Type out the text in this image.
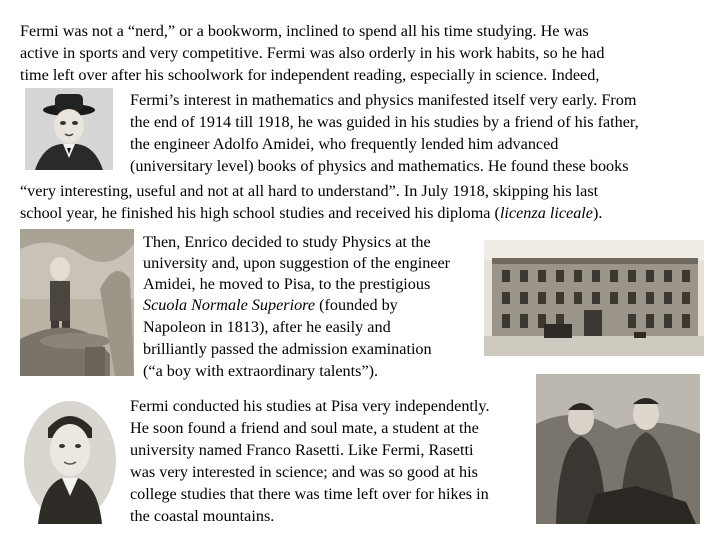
Fermi was not a “nerd,” or a bookworm, inclined to spend all his time studying. He was
active in sports and very competitive. Fermi was also orderly in his work habits, so he had
time left over after his schoolwork for independent reading, especially in science. Indeed,
Fermi’s interest in mathematics and physics manifested itself very early. From
the end of 1914 till 1918, he was guided in his studies by a friend of his father,
the engineer Adolfo Amidei, who frequently lended him advanced
(universitary level) books of physics and mathematics. He found these books
“very interesting, useful and not at all hard to understand”. In July 1918, skipping his last
school year, he finished his high school studies and received his diploma (licenza liceale).
Then, Enrico decided to study Physics at the
university and, upon suggestion of the engineer
Amidei, he moved to Pisa, to the prestigious
Scuola Normale Superiore (founded by
Napoleon in 1813), after he easily and
brilliantly passed the admission examination
(“a boy with extraordinary talents”).
Fermi conducted his studies at Pisa very independently.
He soon found a friend and soul mate, a student at the
university named Franco Rasetti. Like Fermi, Rasetti
was very interested in science; and was so good at his
college studies that there was time left over for hikes in
the coastal mountains.
